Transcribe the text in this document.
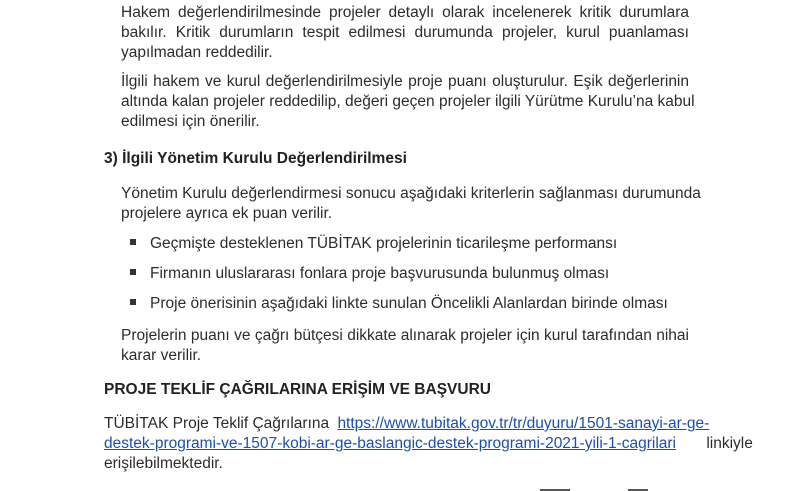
Hakem değerlendirilmesinde projeler detaylı olarak incelenerek kritik durumlara
bakılır. Kritik durumların tespit edilmesi durumunda projeler, kurul puanlaması
yapılmadan reddedilir.
İlgili hakem ve kurul değerlendirilmesiyle proje puanı oluşturulur. Eşik değerlerinin
altında kalan projeler reddedilip, değeri geçen projeler ilgili Yürütme Kurulu’na kabul
edilmesi için önerilir.
3) İlgili Yönetim Kurulu Değerlendirilmesi
Yönetim Kurulu değerlendirmesi sonucu aşağıdaki kriterlerin sağlanması durumunda
projelere ayrıca ek puan verilir.
Geçmişte desteklenen TÜBİTAK projelerinin ticarileşme performansı
Firmanın uluslararası fonlara proje başvurusunda bulunmuş olması
Proje önerisinin aşağıdaki linkte sunulan Öncelikli Alanlardan birinde olması
Projelerin puanı ve çağrı bütçesi dikkate alınarak projeler için kurul tarafından nihai
karar verilir.
PROJE TEKLİF ÇAĞRILARINA ERİŞİM VE BAŞVURU
TÜBİTAK Proje Teklif Çağrılarına https://www.tubitak.gov.tr/tr/duyuru/1501-sanayi-ar-ge-
destek-programi-ve-1507-kobi-ar-ge-baslangic-destek-programi-2021-yili-1-cagrilari linkiyle
erişilebilmektedir.
